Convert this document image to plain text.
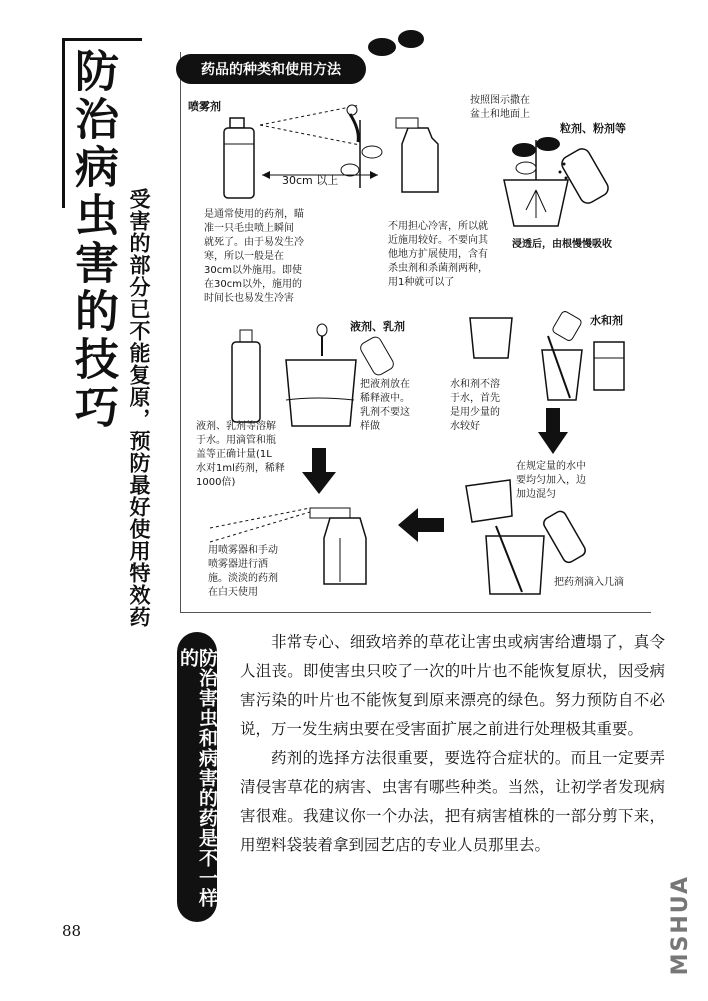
防治病虫害的技巧 受害的部分已不能复原，预防最好使用特效药
药品的种类和使用方法
喷雾剂
30cm 以上
是通常使用的药剂，瞄
准一只毛虫喷上瞬间
就死了。由于易发生冷
寒，所以一般是在
30cm以外施用。即使
在30cm以外，施用的
时间长也易发生冷害
不用担心冷害，所以就
近施用较好。不要向其
他地方扩展使用，含有
杀虫剂和杀菌剂两种，
用1种就可以了
按照图示撒在
盆土和地面上
粒剂、粉剂等
浸透后，由根慢慢吸收
液剂、乳剂
把液剂放在
稀释液中。
乳剂不要这
样做
液剂、乳剂等溶解
于水。用滴管和瓶
盖等正确计量(1L
水对1ml药剂，稀释
1000倍)
水和剂
水和剂不溶
于水，首先
是用少量的
水较好
在规定量的水中
要均匀加入，边
加边混匀
把药剂滴入几滴
用喷雾器和手动
喷雾器进行洒
施。淡淡的药剂
在白天使用
防治害虫和病害的药是不一样的

非常专心、细致培养的草花让害虫或病害给遭塌了，真令人沮丧。即使害虫只咬了一次的叶片也不能恢复原状，因受病害污染的叶片也不能恢复到原来漂亮的绿色。努力预防自不必说，万一发生病虫要在受害面扩展之前进行处理极其重要。

药剂的选择方法很重要，要选符合症状的。而且一定要弄清侵害草花的病害、虫害有哪些种类。当然，让初学者发现病害很难。我建议你一个办法，把有病害植株的一部分剪下来，用塑料袋装着拿到园艺店的专业人员那里去。

88	MSHUA
